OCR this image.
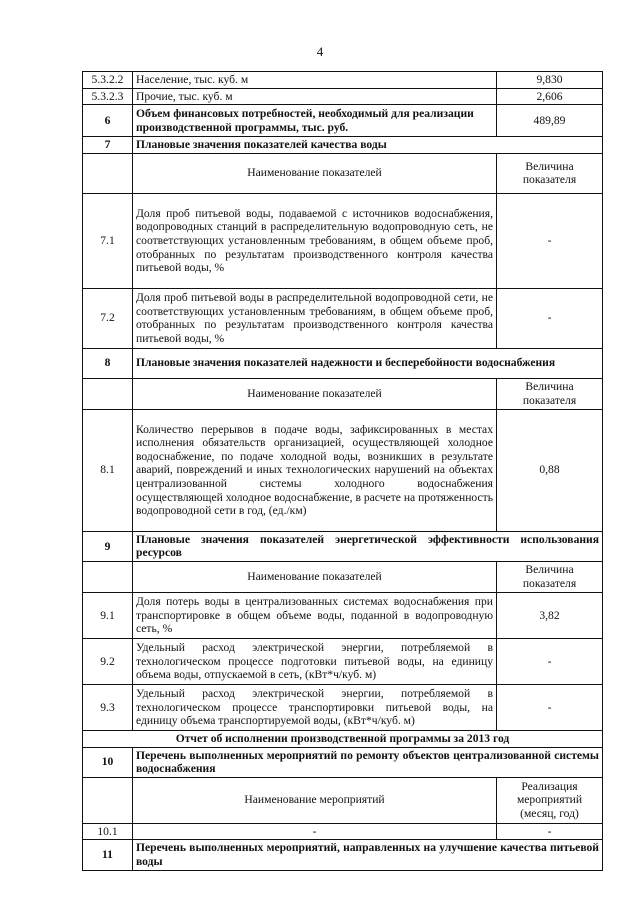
4
5.3.2.2	Население, тыс. куб. м	9,830
5.3.2.3	Прочие, тыс. куб. м	2,606
6	Объем финансовых потребностей, необходимый для реализации производственной программы, тыс. руб.	489,89
7	Плановые значения показателей качества воды	
	Наименование показателей	Величина показателя
7.1	Доля проб питьевой воды, подаваемой с источников водоснабжения, водопроводных станций в распределительную водопроводную сеть, не соответствующих установленным требованиям, в общем объеме проб, отобранных по результатам производственного контроля качества питьевой воды, %	-
7.2	Доля проб питьевой воды в распределительной водопроводной сети, не соответствующих установленным требованиям, в общем объеме проб, отобранных по результатам производственного контроля качества питьевой воды, %	-
8	Плановые значения показателей надежности и бесперебойности водоснабжения	
	Наименование показателей	Величина показателя
8.1	Количество перерывов в подаче воды, зафиксированных в местах исполнения обязательств организацией, осуществляющей холодное водоснабжение, по подаче холодной воды, возникших в результате аварий, повреждений и иных технологических нарушений на объектах централизованной системы холодного водоснабжения осуществляющей холодное водоснабжение, в расчете на протяженность водопроводной сети в год, (ед./км)	0,88
9	Плановые значения показателей энергетической эффективности использования ресурсов	
	Наименование показателей	Величина показателя
9.1	Доля потерь воды в централизованных системах водоснабжения при транспортировке в общем объеме воды, поданной в водопроводную сеть, %	3,82
9.2	Удельный расход электрической энергии, потребляемой в технологическом процессе подготовки питьевой воды, на единицу объема воды, отпускаемой в сеть, (кВт*ч/куб. м)	-
9.3	Удельный расход электрической энергии, потребляемой в технологическом процессе транспортировки питьевой воды, на единицу объема транспортируемой воды, (кВт*ч/куб. м)	-
Отчет об исполнении производственной программы за 2013 год		
10	Перечень выполненных мероприятий по ремонту объектов централизованной системы водоснабжения	
	Наименование мероприятий	Реализация мероприятий (месяц, год)
10.1	-	-
11	Перечень выполненных мероприятий, направленных на улучшение качества питьевой воды	
